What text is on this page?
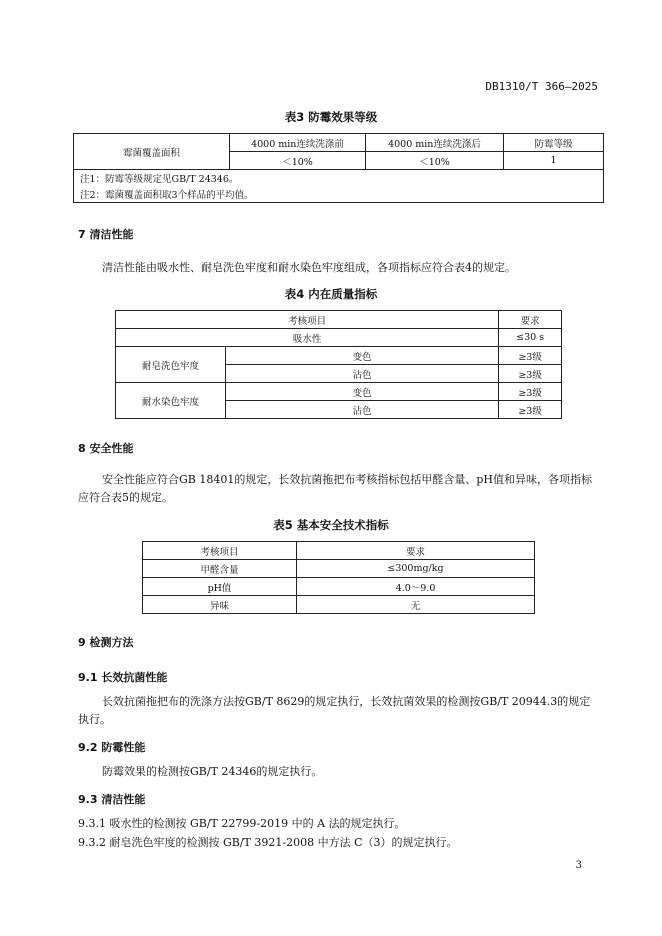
DB1310/T 366—2025
表3 防霉效果等级
霉菌覆盖面积	4000 min连续洗涤前	4000 min连续洗涤后	防霉等级
	＜10%	＜10%	1
注1：防霉等级规定见GB/T 24346。			
注2：霉菌覆盖面积取3个样品的平均值。			
7 清洁性能
清洁性能由吸水性、耐皂洗色牢度和耐水染色牢度组成，各项指标应符合表4的规定。
表4 内在质量指标
考核项目		要求
吸水性		≤30 s
耐皂洗色牢度	变色	≥3级
	沾色	≥3级
耐水染色牢度	变色	≥3级
	沾色	≥3级
8 安全性能
安全性能应符合GB 18401的规定，长效抗菌拖把布考核指标包括甲醛含量、pH值和异味，各项指标
应符合表5的规定。
表5 基本安全技术指标
考核项目	要求
甲醛含量	≤300mg/kg
pH值	4.0～9.0
异味	无
9 检测方法
9.1 长效抗菌性能
长效抗菌拖把布的洗涤方法按GB/T 8629的规定执行，长效抗菌效果的检测按GB/T 20944.3的规定
执行。
9.2 防霉性能
防霉效果的检测按GB/T 24346的规定执行。
9.3 清洁性能
9.3.1 吸水性的检测按 GB/T 22799-2019 中的 A 法的规定执行。
9.3.2 耐皂洗色牢度的检测按 GB/T 3921-2008 中方法 C（3）的规定执行。
3
